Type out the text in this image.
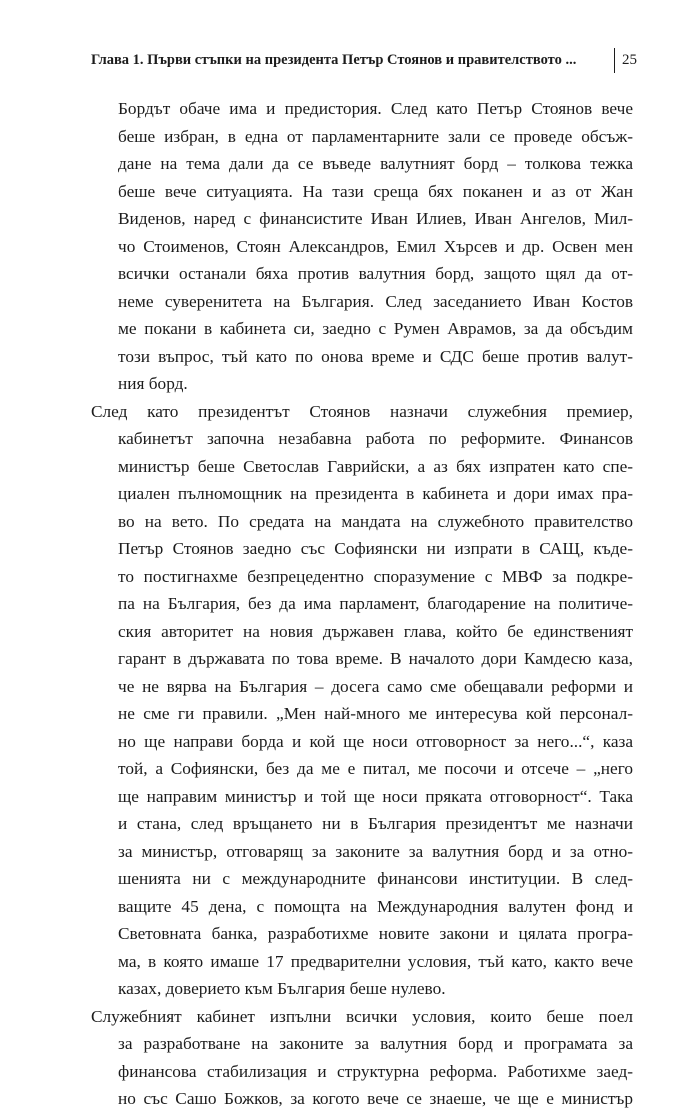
Глава 1. Първи стъпки на президента Петър Стоянов и правителството ...	25
Бордът обаче има и предистория. След като Петър Стоянов вече
беше избран, в една от парламентарните зали се проведе обсъж-
дане на тема дали да се въведе валутният борд – толкова тежка
беше вече ситуацията. На тази среща бях поканен и аз от Жан
Виденов, наред с финансистите Иван Илиев, Иван Ангелов, Мил-
чо Стоименов, Стоян Александров, Емил Хърсев и др. Освен мен
всички останали бяха против валутния борд, защото щял да от-
неме суверенитета на България. След заседанието Иван Костов
ме покани в кабинета си, заедно с Румен Аврамов, за да обсъдим
този въпрос, тъй като по онова време и СДС беше против валут-
ния борд.
След като президентът Стоянов назначи служебния премиер,
кабинетът започна незабавна работа по реформите. Финансов
министър беше Светослав Гаврийски, а аз бях изпратен като спе-
циален пълномощник на президента в кабинета и дори имах пра-
во на вето. По средата на мандата на служебното правителство
Петър Стоянов заедно със Софиянски ни изпрати в САЩ, къде-
то постигнахме безпрецедентно споразумение с МВФ за подкре-
па на България, без да има парламент, благодарение на политиче-
ския авторитет на новия държавен глава, който бе единственият
гарант в държавата по това време. В началото дори Камдесю каза,
че не вярва на България – досега само сме обещавали реформи и
не сме ги правили. „Мен най-много ме интересува кой персонал-
но ще направи борда и кой ще носи отговорност за него...“, каза
той, а Софиянски, без да ме е питал, ме посочи и отсече – „него
ще направим министър и той ще носи пряката отговорност“. Така
и стана, след връщането ни в България президентът ме назначи
за министър, отговарящ за законите за валутния борд и за отно-
шенията ни с международните финансови институции. В след-
ващите 45 дена, с помощта на Международния валутен фонд и
Световната банка, разработихме новите закони и цялата програ-
ма, в която имаше 17 предварителни условия, тъй като, както вече
казах, доверието към България беше нулево.
Служебният кабинет изпълни всички условия, които беше поел
за разработване на законите за валутния борд и програмата за
финансова стабилизация и структурна реформа. Работихме заед-
но със Сашо Божков, за когото вече се знаеше, че ще е министър
